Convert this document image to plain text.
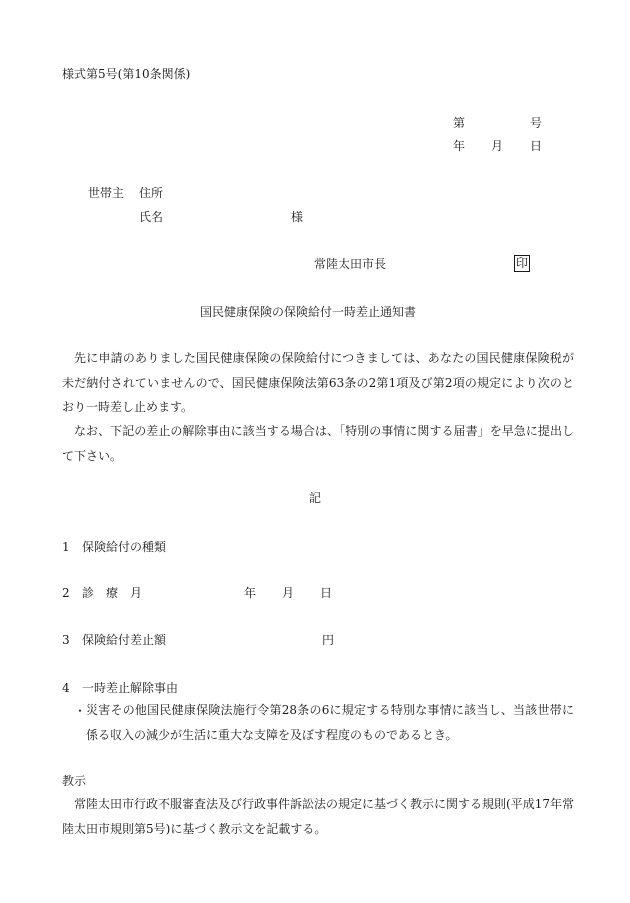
様式第5号(第10条関係)
第	号
年 月 日
世帯主 住所
氏名	様
常陸太田市長	印
国民健康保険の保険給付一時差止通知書
先に申請のありました国民健康保険の保険給付につきましては、あなたの国民健康保険税が未だ納付されていませんので、国民健康保険法第63条の2第1項及び第2項の規定により次のとおり一時差し止めます。
なお、下記の差止の解除事由に該当する場合は、「特別の事情に関する届書」を早急に提出して下さい。
記
1 保険給付の種類
2 診　療　月	年 月 日
3 保険給付差止額	円
4 一時差止解除事由
・ 災害その他国民健康保険法施行令第28条の6に規定する特別な事情に該当し、当該世帯に係る収入の減少が生活に重大な支障を及ぼす程度のものであるとき。
教示
常陸太田市行政不服審査法及び行政事件訴訟法の規定に基づく教示に関する規則(平成17年常陸太田市規則第5号)に基づく教示文を記載する。
